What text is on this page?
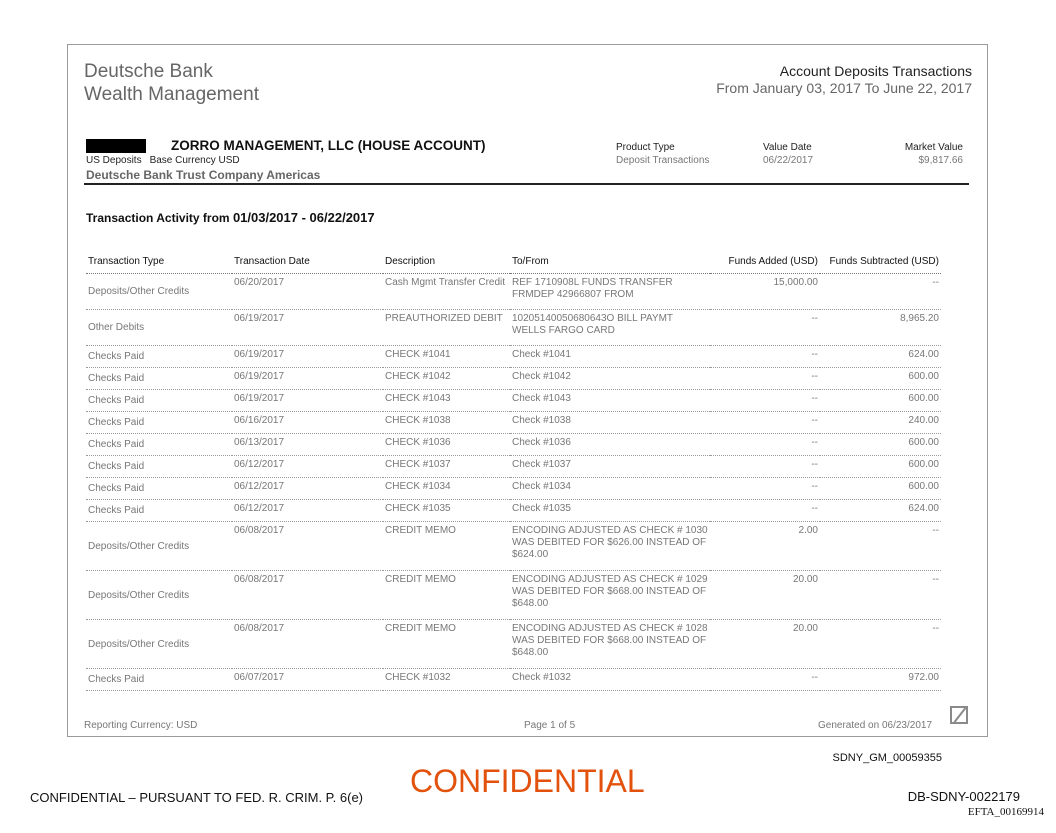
Deutsche Bank
Wealth Management
Account Deposits Transactions
From January 03, 2017 To June 22, 2017
ZORRO MANAGEMENT, LLC (HOUSE ACCOUNT)
US Deposits Base Currency USD
Deutsche Bank Trust Company Americas
Product Type
Deposit Transactions
Value Date
06/22/2017
Market Value
$9,817.66
Transaction Activity from 01/03/2017 - 06/22/2017
Transaction Type	Transaction Date	Description	To/From	Funds Added (USD)	Funds Subtracted (USD)
Deposits/Other Credits	06/20/2017	Cash Mgmt Transfer Credit	REF 1710908L FUNDS TRANSFER FRMDEP 42966807 FROM	15,000.00	--
Other Debits	06/19/2017	PREAUTHORIZED DEBIT	10205140050680643O BILL PAYMT WELLS FARGO CARD	--	8,965.20
Checks Paid	06/19/2017	CHECK #1041	Check #1041	--	624.00
Checks Paid	06/19/2017	CHECK #1042	Check #1042	--	600.00
Checks Paid	06/19/2017	CHECK #1043	Check #1043	--	600.00
Checks Paid	06/16/2017	CHECK #1038	Check #1038	--	240.00
Checks Paid	06/13/2017	CHECK #1036	Check #1036	--	600.00
Checks Paid	06/12/2017	CHECK #1037	Check #1037	--	600.00
Checks Paid	06/12/2017	CHECK #1034	Check #1034	--	600.00
Checks Paid	06/12/2017	CHECK #1035	Check #1035	--	624.00
Deposits/Other Credits	06/08/2017	CREDIT MEMO	ENCODING ADJUSTED AS CHECK # 1030 WAS DEBITED FOR $626.00 INSTEAD OF $624.00	2.00	--
Deposits/Other Credits	06/08/2017	CREDIT MEMO	ENCODING ADJUSTED AS CHECK # 1029 WAS DEBITED FOR $668.00 INSTEAD OF $648.00	20.00	--
Deposits/Other Credits	06/08/2017	CREDIT MEMO	ENCODING ADJUSTED AS CHECK # 1028 WAS DEBITED FOR $668.00 INSTEAD OF $648.00	20.00	--
Checks Paid	06/07/2017	CHECK #1032	Check #1032	--	972.00
Reporting Currency: USD	Page 1 of 5	Generated on 06/23/2017
SDNY_GM_00059355
CONFIDENTIAL – PURSUANT TO FED. R. CRIM. P. 6(e) CONFIDENTIAL	DB-SDNY-0022179
EFTA_00169914
